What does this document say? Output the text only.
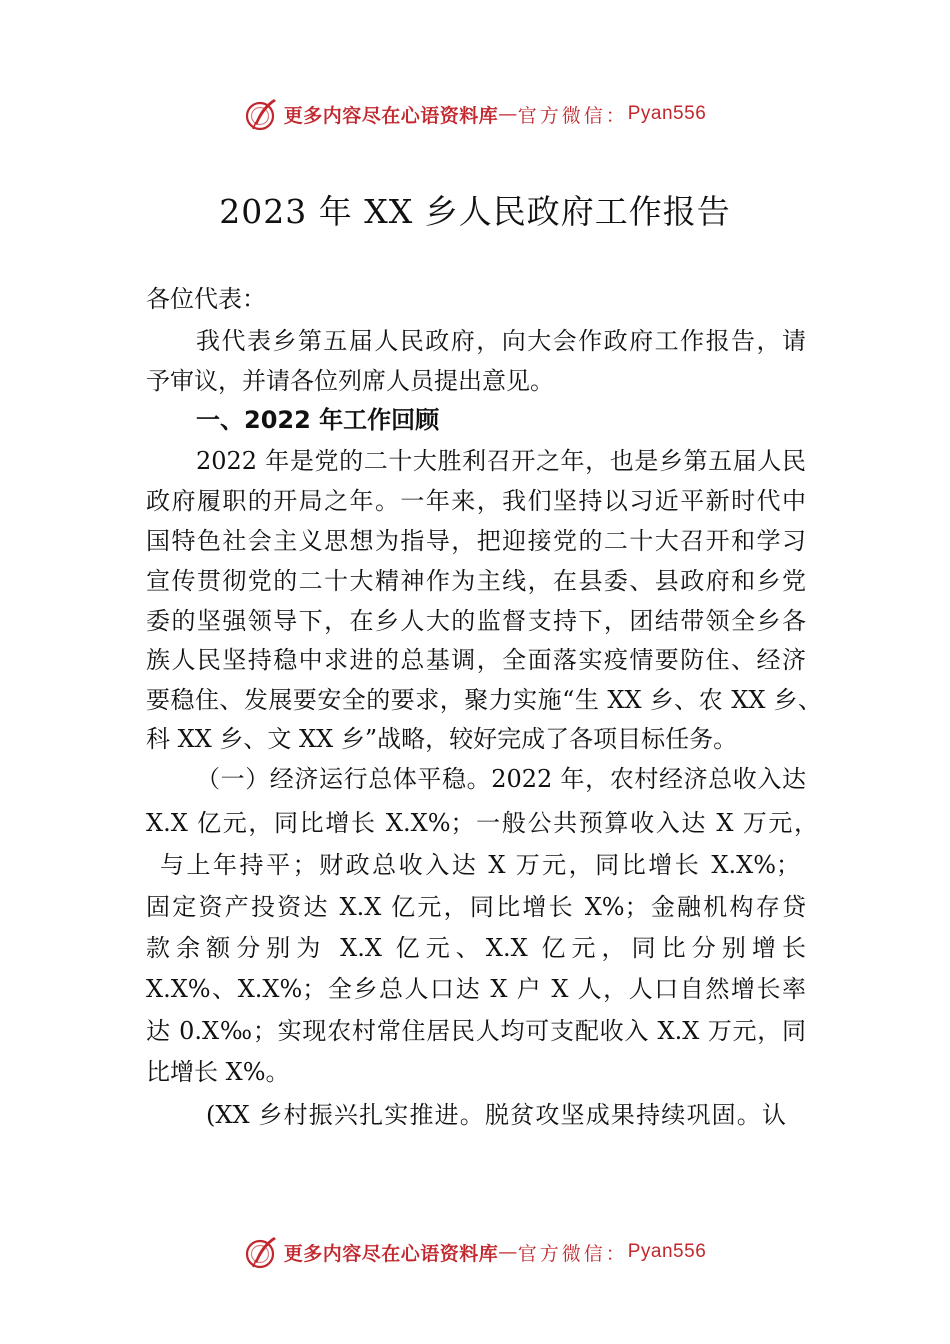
更多内容尽在心语资料库 — 官方微信： Pyan556
2023 年 XX 乡人民政府工作报告
各位代表：
我代表乡第五届人民政府，向大会作政府工作报告，请
予审议，并请各位列席人员提出意见。
一、2022 年工作回顾
2022 年是党的二十大胜利召开之年，也是乡第五届人民
政府履职的开局之年。一年来，我们坚持以习近平新时代中
国特色社会主义思想为指导，把迎接党的二十大召开和学习
宣传贯彻党的二十大精神作为主线，在县委、县政府和乡党
委的坚强领导下，在乡人大的监督支持下，团结带领全乡各
族人民坚持稳中求进的总基调，全面落实疫情要防住、经济
要稳住、发展要安全的要求，聚力实施“生 XX 乡、农 XX 乡、
科 XX 乡、文 XX 乡”战略，较好完成了各项目标任务。
（一）经济运行总体平稳。2022 年，农村经济总收入达
X.X 亿元，同比增长 X.X%；一般公共预算收入达 X 万元，
与上年持平；财政总收入达 X 万元，同比增长 X.X%；
固定资产投资达 X.X 亿元，同比增长 X%；金融机构存贷
款余额分别为 X.X 亿元、X.X 亿元，同比分别增长
X.X%、X.X%；全乡总人口达 X 户 X 人，人口自然增长率
达 0.X‰；实现农村常住居民人均可支配收入 X.X 万元，同
比增长 X%。
(XX 乡村振兴扎实推进。脱贫攻坚成果持续巩固。认
更多内容尽在心语资料库 — 官方微信： Pyan556
